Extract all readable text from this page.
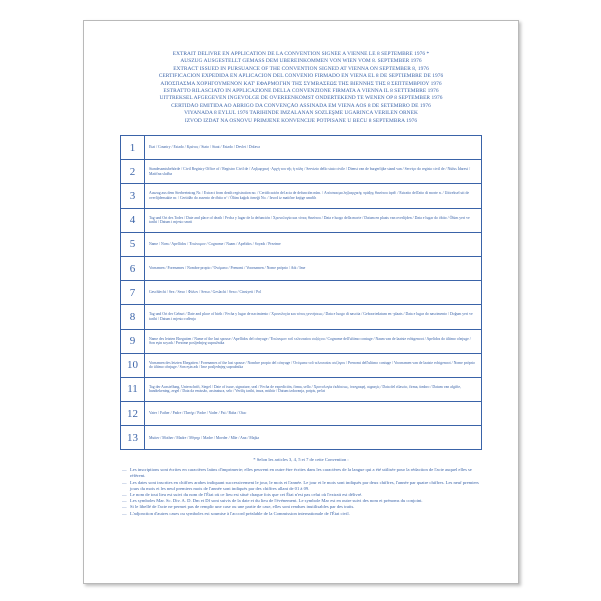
EXTRAIT DÉLIVRÉ EN APPLICATION DE LA CONVENTION SIGNÉE A VIENNE LE 8 SEPTEMBRE 1976 *
AUSZUG AUSGESTELLT GEMÄSS DEM ÜBEREINKOMMEN VON WIEN VOM 8. SEPTEMBER 1976
EXTRACT ISSUED IN PURSUANCE OF THE CONVENTION SIGNED AT VIENNA ON SEPTEMBER 8, 1976
CERTIFICACION EXPEDIDA EN APLICACION DEL CONVENIO FIRMADO EN VIENA EL 8 DE SEPTIEMBRE DE 1976
ΑΠΟΣΠΑΣΜΑ ΧΟΡΗΓΟΥΜΕΝΟΝ ΚΑΤ' ΕΦΑΡΜΟΓΗΝ ΤΗΣ ΣΥΜΒΑΣΕΩΣ ΤΗΣ ΒΙΕΝΝΗΣ ΤΗΣ 8 ΣΕΠΤΕΜΒΡΙΟΥ 1976
ESTRATTO RILASCIATO IN APPLICAZIONE DELLA CONVENZIONE FIRMATA A VIENNA IL 8 SETTEMBRE 1976
UITTREKSEL AFGEGEVEN INGEVOLGE DE OVEREENKOMST ONDERTEKEND TE WENEN OP 8 SEPTEMBER 1976
CERTIDÃO EMITIDA AO ABRIGO DA CONVENÇÃO ASSINADA EM VIENA AOS 8 DE SETEMBRO DE 1976
VIYANADA 8 EYLÜL 1976 TARIHINDE IMZALANAN SÖZLEŞME UGARINCA VERILEN ÖRNEK
IZVOD IZDAT NA OSNOVU PRIMJENE KONVENCIJE POTPISANE U BEČU 8 SEPTEMBRA 1976
1	Etat / Country / Estado / Κράτος / Stato / Staat / Estado / Devlet / Država
2	Standesamtsbehörde / Civil Registry Office of / Registro Civil de / Ληξιαρχική ·Αρχή του τῆς ἡ πόλη / Servizio dello stato civile / Dienst van de burgerlijke stand van / Serviço do registo civil de / Nüfus İdaresi / Matična služba
3	Auszug aus dem Sterbeeintrag Nr. / Extract from death registration no. / Certificación del acta de defunción núm. / Απόσπασμα ληξιαρχικής πράξης θανάτου ἀριθ. / Estratto dell'atto di morte n. / Uittreksel uit de overlijdensakte nr. / Certidão do assento de óbito nº / Ölüm kağıdı örneği No. / Izvod iz matične knjige umrlih
4	Tag und Ort des Todes / Date and place of death / Fecha y lugar de la defunción / Χρονολογία και τόπος θανάτου / Data e luogo della morte / Datum en plaats van overlijden / Data e lugar do óbito / Ölüm yeri ve tarihi / Datum i mjesto smrti
5	Name / Nom / Apellidos / Ἐπώνυμον / Cognome / Naam / Apelidos / Soyadı / Prezime
6	Vornamen / Forenames / Nombre propio / Ὀνόματα / Prenomi / Voornamen / Nome próprio / Adı / Ime
7	Geschlecht / Sex / Sexo / Φύλον / Sesso / Geslacht / Sexo / Cinsiyeti / Pol
8	Tag und Ort der Geburt / Date and place of birth / Fecha y lugar de nacimiento / Χρονολογία και τόπος γεννήσεως / Data e luogo di nascita / Geboortedatum en -plaats / Data e lugar do nascimento / Doğum yeri ve tarihi / Datum i mjesto rođenja
9	Name des letzten Ehegatten / Name of the last spouse / Apellidos del cónyuge / Ἐπώνυμον τοῦ τελευταίου συζύγου / Cognome dell'ultimo coniuge / Naam van de laatste echtgenoot / Apelidos do último cônjuge / Son eşin soyadı / Prezime posljednjeg supružnika
10	Vornamen des letzten Ehegatten / Forenames of the last spouse / Nombre propio del cónyuge / Ὀνόματα τοῦ τελευταίου συζύγου / Prenomi dell'ultimo coniuge / Voornamen van de laatste echtgenoot / Nome próprio do último cônjuge / Son eşin adı / Ime posljednjeg supružnika
11	Tag der Ausstellung, Unterschrift, Siegel / Date of issue, signature, seal / Fecha de expedición, firma, sello / Χρονολογία ἐκδόσεως, ὑπογραφή, σφραγίς / Data del rilascio, firma, timbro / Datum van afgifte, handtekening, zegel / Data da emissão, assinatura, selo / Veriliş tarihi, imza, mühür / Datum izdavanja, potpis, pečat
12	Vater / Father / Padre / Πατήρ / Padre / Vader / Pai / Baba / Otac
13	Mutter / Mother / Madre / Μήτηρ / Madre / Moeder / Mãe / Ana / Majka
* Selon les articles 3, 4, 5 et 7 de cette Convention :
— Les inscriptions sont écrites en caractères latins d'imprimerie; elles peuvent en outre être écrites dans les caractères de la langue qui a été utilisée pour la rédaction de l'acte auquel elles se réfèrent.
— Les dates sont inscrites en chiffres arabes indiquant successivement le jour, le mois et l'année. Le jour et le mois sont indiqués par deux chiffres, l'année par quatre chiffres. Les neuf premiers jours du mois et les neuf premiers mois de l'année sont indiqués par des chiffres allant de 01 à 09.
— Le nom de tout lieu est suivi du nom de l'État où ce lieu est situé chaque fois que cet État n'est pas celui où l'extrait est délivré.
— Les symboles Mar. Sc. Div. A. D. Dm et Df sont suivis de la date et du lieu de l'événement. Le symbole Mar est en outre suivi des nom et prénoms du conjoint.
— Si le libellé de l'acte ne permet pas de remplir une case ou une partie de case, elles sont rendues inutilisables par des traits.
— L'adjonction d'autres cases ou symboles est soumise à l'accord préalable de la Commission internationale de l'État civil.
